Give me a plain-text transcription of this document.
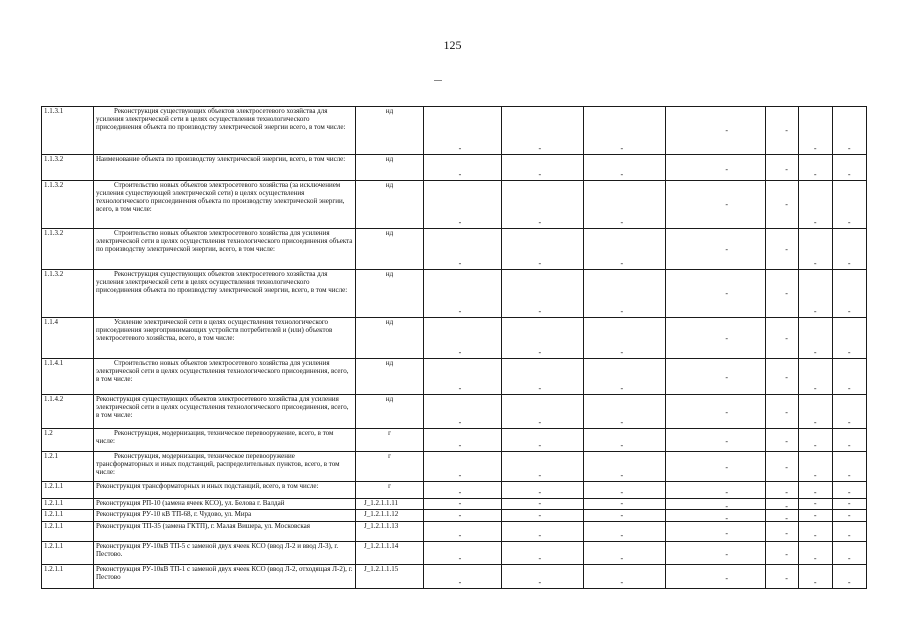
125
1.1.3.1	Реконструкция существующих объектов электросетевого хозяйства для усиления электрической сети в целях осуществления технологического присоединения объекта по производству электрической энергии всего, в том числе:	нд	-	-	-	-	-	-	-

1.1.3.2	Наименование объекта по производству электрической энергии, всего, в том числе:	нд	-	-	-	-	-	-	-

1.1.3.2	Строительство новых объектов электросетевого хозяйства (за исключением усиления существующей электрической сети) в целях осуществления технологического присоединения объекта по производству электрической энергии, всего, в том числе:	нд	-	-	-	-	-	-	-

1.1.3.2	Строительство новых объектов электросетевого хозяйства для усиления электрической сети в целях осуществления технологического присоединения объекта по производству электрической энергии, всего, в том числе:	нд	-	-	-	-	-	-	-

1.1.3.2	Реконструкция существующих объектов электросетевого хозяйства для усиления электрической сети в целях осуществления технологического присоединения объекта по производству электрической энергии, всего, в том числе:	нд	-	-	-	-	-	-	-

1.1.4	Усиление электрической сети в целях осуществления технологического присоединения энергопринимающих устройств потребителей и (или) объектов электросетевого хозяйства, всего, в том числе:	нд	-	-	-	-	-	-	-

1.1.4.1	Строительство новых объектов электросетевого хозяйства для усиления электрической сети в целях осуществления технологического присоединения, всего, в том числе:	нд	-	-	-	-	-	-	-

1.1.4.2	Реконструкция существующих объектов электросетевого хозяйства для усиления электрической сети в целях осуществления технологического присоединения, всего, в том числе:	нд	-	-	-	-	-	-	-

1.2	Реконструкция, модернизация, техническое перевооружение, всего, в том числе:	г	-	-	-	-	-	-	-

1.2.1	Реконструкция, модернизация, техническое перевооружение трансформаторных и иных подстанций, распределительных пунктов, всего, в том числе:	г	-	-	-	-	-	-	-

1.2.1.1	Реконструкция трансформаторных и иных подстанций, всего, в том числе:	г	-	-	-	-	-	-	-

1.2.1.1	Реконструкция РП-10 (замена ячеек КСО), ул. Белова г. Валдай	J_1.2.1.1.11	-	-	-	-	-	-	-

1.2.1.1	Реконструкция РУ-10 кВ ТП-68, г. Чудово, ул. Мира	J_1.2.1.1.12	-	-	-	-	-	-	-

1.2.1.1	Реконструкция ТП-35 (замена ГКТП), г. Малая Вишера, ул. Московская	J_1.2.1.1.13	-	-	-	-	-	-	-

1.2.1.1	Реконструкция РУ-10кВ ТП-5 с заменой двух ячеек КСО (ввод Л-2 и ввод Л-3), г. Пестово.	J_1.2.1.1.14	-	-	-	-	-	-	-

1.2.1.1	Реконструкция РУ-10кВ ТП-1 с заменой двух ячеек КСО (ввод Л-2, отходящая Л-2), г. Пестово	J_1.2.1.1.15	-	-	-	-	-	-	-
